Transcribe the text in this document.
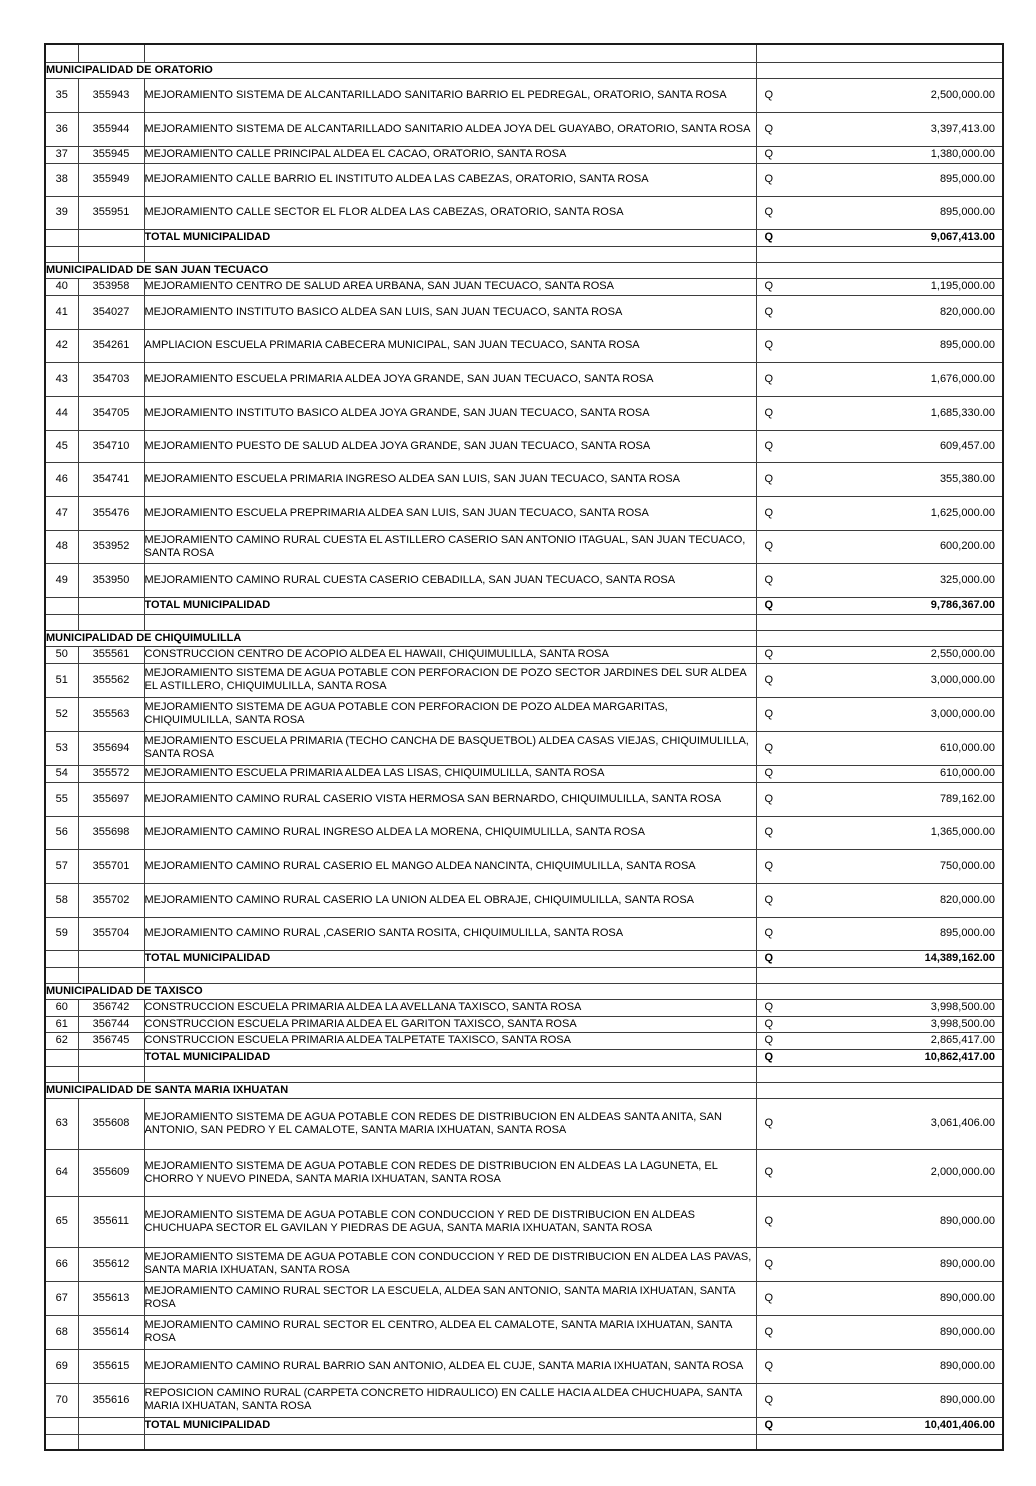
MUNICIPALIDAD DE ORATORIO			
35	355943	MEJORAMIENTO SISTEMA DE ALCANTARILLADO SANITARIO BARRIO EL PEDREGAL, ORATORIO, SANTA ROSA	Q 2,500,000.00

36	355944	MEJORAMIENTO SISTEMA DE ALCANTARILLADO SANITARIO ALDEA JOYA DEL GUAYABO, ORATORIO, SANTA ROSA	Q 3,397,413.00

37	355945	MEJORAMIENTO CALLE PRINCIPAL ALDEA EL CACAO, ORATORIO, SANTA ROSA	Q 1,380,000.00

38	355949	MEJORAMIENTO CALLE BARRIO EL INSTITUTO ALDEA LAS CABEZAS, ORATORIO, SANTA ROSA	Q 895,000.00

39	355951	MEJORAMIENTO CALLE SECTOR EL FLOR ALDEA LAS CABEZAS, ORATORIO, SANTA ROSA	Q 895,000.00

		TOTAL MUNICIPALIDAD	Q 9,067,413.00

MUNICIPALIDAD DE SAN JUAN TECUACO			
40	353958	MEJORAMIENTO CENTRO DE SALUD AREA URBANA, SAN JUAN TECUACO, SANTA ROSA	Q 1,195,000.00

41	354027	MEJORAMIENTO INSTITUTO BASICO ALDEA SAN LUIS, SAN JUAN TECUACO, SANTA ROSA	Q 820,000.00

42	354261	AMPLIACION ESCUELA PRIMARIA CABECERA MUNICIPAL, SAN JUAN TECUACO, SANTA ROSA	Q 895,000.00

43	354703	MEJORAMIENTO ESCUELA PRIMARIA ALDEA JOYA GRANDE, SAN JUAN TECUACO, SANTA ROSA	Q 1,676,000.00

44	354705	MEJORAMIENTO INSTITUTO BASICO ALDEA JOYA GRANDE, SAN JUAN TECUACO, SANTA ROSA	Q 1,685,330.00

45	354710	MEJORAMIENTO PUESTO DE SALUD ALDEA JOYA GRANDE, SAN JUAN TECUACO, SANTA ROSA	Q 609,457.00

46	354741	MEJORAMIENTO ESCUELA PRIMARIA INGRESO ALDEA SAN LUIS, SAN JUAN TECUACO, SANTA ROSA	Q 355,380.00

47	355476	MEJORAMIENTO ESCUELA PREPRIMARIA ALDEA SAN LUIS, SAN JUAN TECUACO, SANTA ROSA	Q 1,625,000.00

48	353952	MEJORAMIENTO CAMINO RURAL CUESTA EL ASTILLERO CASERIO SAN ANTONIO ITAGUAL, SAN JUAN TECUACO, SANTA ROSA	Q 600,200.00

49	353950	MEJORAMIENTO CAMINO RURAL CUESTA CASERIO CEBADILLA, SAN JUAN TECUACO, SANTA ROSA	Q 325,000.00

		TOTAL MUNICIPALIDAD	Q 9,786,367.00

MUNICIPALIDAD DE CHIQUIMULILLA			
50	355561	CONSTRUCCION CENTRO DE ACOPIO ALDEA EL HAWAII, CHIQUIMULILLA, SANTA ROSA	Q 2,550,000.00

51	355562	MEJORAMIENTO SISTEMA DE AGUA POTABLE CON PERFORACION DE POZO SECTOR JARDINES DEL SUR ALDEA EL ASTILLERO, CHIQUIMULILLA, SANTA ROSA	Q 3,000,000.00

52	355563	MEJORAMIENTO SISTEMA DE AGUA POTABLE CON PERFORACION DE POZO ALDEA MARGARITAS, CHIQUIMULILLA, SANTA ROSA	Q 3,000,000.00

53	355694	MEJORAMIENTO ESCUELA PRIMARIA (TECHO CANCHA DE BASQUETBOL) ALDEA CASAS VIEJAS, CHIQUIMULILLA, SANTA ROSA	Q 610,000.00

54	355572	MEJORAMIENTO ESCUELA PRIMARIA ALDEA LAS LISAS, CHIQUIMULILLA, SANTA ROSA	Q 610,000.00

55	355697	MEJORAMIENTO CAMINO RURAL CASERIO VISTA HERMOSA SAN BERNARDO, CHIQUIMULILLA, SANTA ROSA	Q 789,162.00

56	355698	MEJORAMIENTO CAMINO RURAL INGRESO ALDEA LA MORENA, CHIQUIMULILLA, SANTA ROSA	Q 1,365,000.00

57	355701	MEJORAMIENTO CAMINO RURAL CASERIO EL MANGO ALDEA NANCINTA, CHIQUIMULILLA, SANTA ROSA	Q 750,000.00

58	355702	MEJORAMIENTO CAMINO RURAL CASERIO LA UNION ALDEA EL OBRAJE, CHIQUIMULILLA, SANTA ROSA	Q 820,000.00

59	355704	MEJORAMIENTO CAMINO RURAL ,CASERIO SANTA ROSITA, CHIQUIMULILLA, SANTA ROSA	Q 895,000.00

		TOTAL MUNICIPALIDAD	Q 14,389,162.00

MUNICIPALIDAD DE TAXISCO			
60	356742	CONSTRUCCION ESCUELA PRIMARIA ALDEA LA AVELLANA TAXISCO, SANTA ROSA	Q 3,998,500.00

61	356744	CONSTRUCCION ESCUELA PRIMARIA ALDEA EL GARITON TAXISCO, SANTA ROSA	Q 3,998,500.00

62	356745	CONSTRUCCION ESCUELA PRIMARIA ALDEA TALPETATE TAXISCO, SANTA ROSA	Q 2,865,417.00

		TOTAL MUNICIPALIDAD	Q 10,862,417.00

MUNICIPALIDAD DE SANTA MARIA IXHUATAN			
63	355608	MEJORAMIENTO SISTEMA DE AGUA POTABLE CON REDES DE DISTRIBUCION EN ALDEAS SANTA ANITA, SAN ANTONIO, SAN PEDRO Y EL CAMALOTE, SANTA MARIA IXHUATAN, SANTA ROSA	Q 3,061,406.00

64	355609	MEJORAMIENTO SISTEMA DE AGUA POTABLE CON REDES DE DISTRIBUCION EN ALDEAS LA LAGUNETA, EL CHORRO Y NUEVO PINEDA, SANTA MARIA IXHUATAN, SANTA ROSA	Q 2,000,000.00

65	355611	MEJORAMIENTO SISTEMA DE AGUA POTABLE CON CONDUCCION Y RED DE DISTRIBUCION EN ALDEAS CHUCHUAPA SECTOR EL GAVILAN Y PIEDRAS DE AGUA, SANTA MARIA IXHUATAN, SANTA ROSA	Q 890,000.00

66	355612	MEJORAMIENTO SISTEMA DE AGUA POTABLE CON CONDUCCION Y RED DE DISTRIBUCION EN ALDEA LAS PAVAS, SANTA MARIA IXHUATAN, SANTA ROSA	Q 890,000.00

67	355613	MEJORAMIENTO CAMINO RURAL SECTOR LA ESCUELA, ALDEA SAN ANTONIO, SANTA MARIA IXHUATAN, SANTA ROSA	Q 890,000.00

68	355614	MEJORAMIENTO CAMINO RURAL SECTOR EL CENTRO, ALDEA EL CAMALOTE, SANTA MARIA IXHUATAN, SANTA ROSA	Q 890,000.00

69	355615	MEJORAMIENTO CAMINO RURAL BARRIO SAN ANTONIO, ALDEA EL CUJE, SANTA MARIA IXHUATAN, SANTA ROSA	Q 890,000.00

70	355616	REPOSICION CAMINO RURAL (CARPETA CONCRETO HIDRAULICO) EN CALLE HACIA ALDEA CHUCHUAPA, SANTA MARIA IXHUATAN, SANTA ROSA	Q 890,000.00

		TOTAL MUNICIPALIDAD	Q 10,401,406.00
